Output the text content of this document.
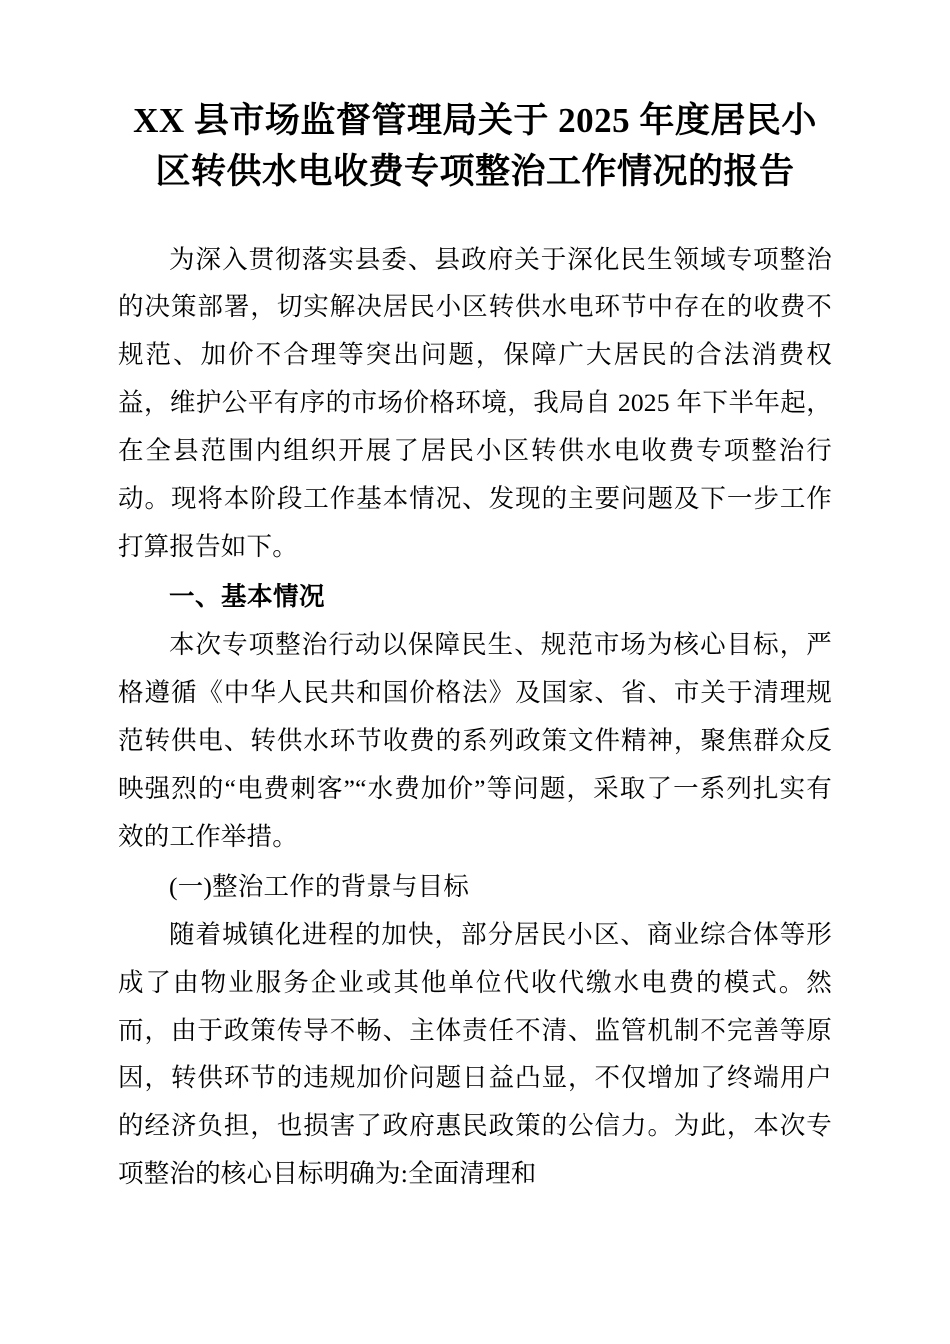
XX 县市场监督管理局关于 2025 年度居民小区转供水电收费专项整治工作情况的报告

为深入贯彻落实县委、县政府关于深化民生领域专项整治的决策部署，切实解决居民小区转供水电环节中存在的收费不规范、加价不合理等突出问题，保障广大居民的合法消费权益，维护公平有序的市场价格环境，我局自 2025 年下半年起，在全县范围内组织开展了居民小区转供水电收费专项整治行动。现将本阶段工作基本情况、发现的主要问题及下一步工作打算报告如下。

一、基本情况

本次专项整治行动以保障民生、规范市场为核心目标，严格遵循《中华人民共和国价格法》及国家、省、市关于清理规范转供电、转供水环节收费的系列政策文件精神，聚焦群众反映强烈的“电费刺客”“水费加价”等问题，采取了一系列扎实有效的工作举措。

(一)整治工作的背景与目标

随着城镇化进程的加快，部分居民小区、商业综合体等形成了由物业服务企业或其他单位代收代缴水电费的模式。然而，由于政策传导不畅、主体责任不清、监管机制不完善等原因，转供环节的违规加价问题日益凸显，不仅增加了终端用户的经济负担，也损害了政府惠民政策的公信力。为此，本次专项整治的核心目标明确为:全面清理和
